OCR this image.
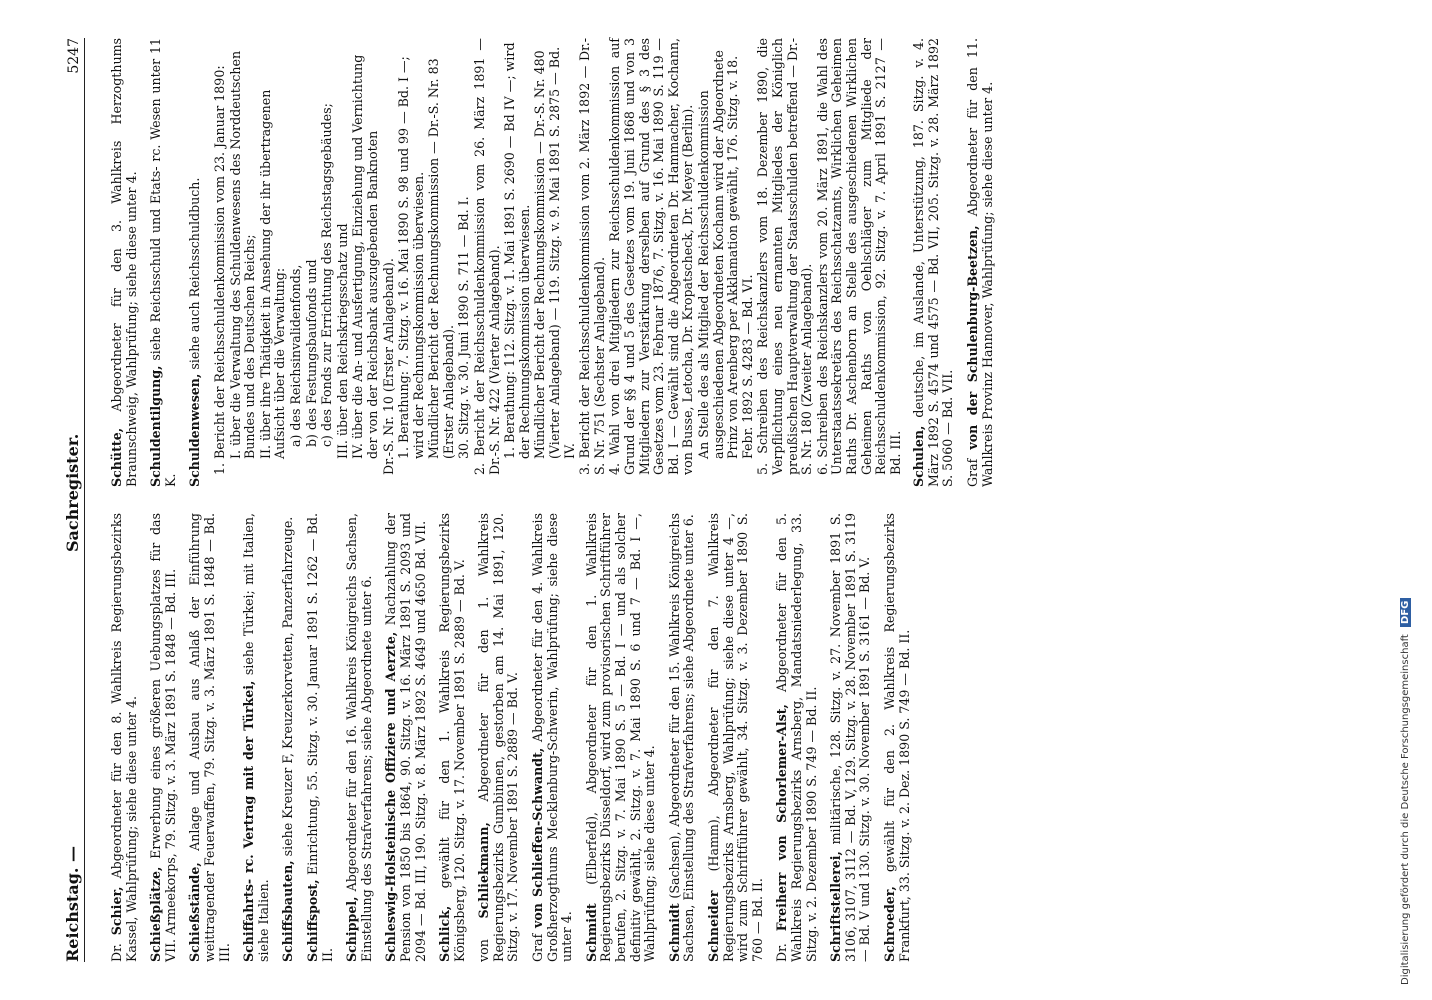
Reichstag. —
Sachregister.
5247

Dr. Schier, Abgeordneter für den 8. Wahlkreis Regierungsbezirks Kassel, Wahlprüfung; siehe diese unter 4. Schießplätze, Erwerbung eines größeren Uebungsplatzes für das VII. Armeekorps, 79. Sitzg. v. 3. März 1891 S. 1848 — Bd. III. Schießstände, Anlage und Ausbau aus Anlaß der Einführung weittragender Feuerwaffen, 79. Sitzg. v. 3. März 1891 S. 1848 — Bd. III. Schiffahrts- rc. Vertrag mit der Türkei, siehe Türkei; mit Italien, siehe Italien. Schiffsbauten, siehe Kreuzer F, Kreuzerkorvetten, Panzerfahrzeuge.

Schiffspost, Einrichtung, 55. Sitzg. v. 30. Januar 1891 S. 1262 — Bd. II. Schippel, Abgeordneter für den 16. Wahlkreis Königreichs Sachsen, Einstellung des Strafverfahrens; siehe Abgeordnete unter 6. Schleswig-Holsteinische Offiziere und Aerzte, Nachzahlung der Pension von 1850 bis 1864, 90. Sitzg. v. 16. März 1891 S. 2093 und 2094 — Bd. III, 190. Sitzg. v. 8. März 1892 S. 4649 und 4650 Bd. VII. Schlick, gewählt für den 1. Wahlkreis Regierungsbezirks Königsberg, 120. Sitzg. v. 17. November 1891 S. 2889 — Bd. V. von Schliekmann, Abgeordneter für den 1. Wahlkreis Regierungsbezirks Gumbinnen, gestorben am 14. Mai 1891, 120. Sitzg. v. 17. November 1891 S. 2889 — Bd. V. Graf von Schlieffen-Schwandt, Abgeordneter für den 4. Wahlkreis Großherzogthums Mecklenburg-Schwerin, Wahlprüfung; siehe diese unter 4. Schmidt (Elberfeld), Abgeordneter für den 1. Wahlkreis Regierungsbezirks Düsseldorf, wird zum provisorischen Schriftführer berufen, 2. Sitzg. v. 7. Mai 1890 S. 5 — Bd. I — und als solcher definitiv gewählt, 2. Sitzg. v. 7. Mai 1890 S. 6 und 7 — Bd. I —, Wahlprüfung; siehe diese unter 4. Schmidt (Sachsen), Abgeordneter für den 15. Wahlkreis Königreichs Sachsen, Einstellung des Strafverfahrens; siehe Abgeordnete unter 6. Schneider (Hamm), Abgeordneter für den 7. Wahlkreis Regierungsbezirks Arnsberg, Wahlprüfung; siehe diese unter 4 —, wird zum Schriftführer gewählt, 34. Sitzg. v. 3. Dezember 1890 S. 760 — Bd. II. Dr. Freiherr von Schorlemer-Alst, Abgeordneter für den 5. Wahlkreis Regierungsbezirks Arnsberg, Mandatsniederlegung, 33. Sitzg. v. 2. Dezember 1890 S. 749 — Bd. II. Schriftstellerei, militärische, 128. Sitzg. v. 27. November 1891 S. 3106, 3107, 3112 — Bd. V, 129. Sitzg. v. 28. November 1891 S. 3119 — Bd. V und 130. Sitzg. v. 30. November 1891 S. 3161 — Bd. V. Schroeder, gewählt für den 2. Wahlkreis Regierungsbezirks Frankfurt, 33. Sitzg. v. 2. Dez. 1890 S. 749 — Bd. II.

Schütte, Abgeordneter für den 3. Wahlkreis Herzogthums Braunschweig, Wahlprüfung; siehe diese unter 4. Schuldentilgung, siehe Reichsschuld und Etats- rc. Wesen unter 11 K. Schuldenwesen, siehe auch Reichsschuldbuch. 1. Bericht der Reichsschuldenkommission vom 23. Januar 1890: I. über die Verwaltung des Schuldenwesens des Norddeutschen Bundes und des Deutschen Reichs; II. über ihre Thätigkeit in Ansehung der ihr übertragenen Aufsicht über die Verwaltung: a) des Reichsinvalidenfonds, b) des Festungsbaufonds und c) des Fonds zur Errichtung des Reichstagsgebäudes; III. über den Reichskriegsschatz und IV. über die An- und Ausfertigung, Einziehung und Vernichtung der von der Reichsbank auszugebenden Banknoten Dr.-S. Nr. 10 (Erster Anlageband). 1. Berathung: 7. Sitzg. v. 16. Mai 1890 S. 98 und 99 — Bd. I —; wird der Rechnungskommission überwiesen. Mündlicher Bericht der Rechnungskommission — Dr.-S. Nr. 83 (Erster Anlageband). 30. Sitzg. v. 30. Juni 1890 S. 711 — Bd. I. 2. Bericht der Reichsschuldenkommission vom 26. März 1891 — Dr.-S. Nr. 422 (Vierter Anlageband). 1. Berathung: 112. Sitzg. v. 1. Mai 1891 S. 2690 — Bd IV —; wird der Rechnungskommission überwiesen. Mündlicher Bericht der Rechnungskommission — Dr.-S. Nr. 480 (Vierter Anlageband) — 119. Sitzg. v. 9. Mai 1891 S. 2875 — Bd. IV. 3. Bericht der Reichsschuldenkommission vom 2. März 1892 — Dr.-S. Nr. 751 (Sechster Anlageband). 4. Wahl von drei Mitgliedern zur Reichsschuldenkommission auf Grund der §§ 4 und 5 des Gesetzes vom 19. Juni 1868 und von 3 Mitgliedern zur Verstärkung derselben auf Grund des § 3 des Gesetzes vom 23. Februar 1876, 7. Sitzg. v. 16. Mai 1890 S. 119 — Bd. I — Gewählt sind die Abgeordneten Dr. Hammacher, Kochann, von Busse, Letocha, Dr. Kropatscheck, Dr. Meyer (Berlin). An Stelle des als Mitglied der Reichsschuldenkommission ausgeschiedenen Abgeordneten Kochann wird der Abgeordnete Prinz von Arenberg per Akklamation gewählt, 176. Sitzg. v. 18. Febr. 1892 S. 4283 — Bd. VI. 5. Schreiben des Reichskanzlers vom 18. Dezember 1890, die Verpflichtung eines neu ernannten Mitgliedes der Königlich preußischen Hauptverwaltung der Staatsschulden betreffend — Dr.-S. Nr. 180 (Zweiter Anlageband). 6. Schreiben des Reichskanzlers vom 20. März 1891, die Wahl des Unterstaatssekretärs des Reichsschatzamts, Wirklichen Geheimen Raths Dr. Aschenborn an Stelle des ausgeschiedenen Wirklichen Geheimen Raths von Oehlschläger zum Mitgliede der Reichsschuldenkommission, 92. Sitzg. v. 7. April 1891 S. 2127 — Bd. III. Schulen, deutsche, im Auslande, Unterstützung, 187. Sitzg. v. 4. März 1892 S. 4574 und 4575 — Bd. VII, 205. Sitzg. v. 28. März 1892 S. 5060 — Bd. VII. Graf von der Schulenburg-Beetzen, Abgeordneter für den 11. Wahlkreis Provinz Hannover, Wahlprüfung; siehe diese unter 4.

Digitalisierung gefördert durch die Deutsche Forschungsgemeinschaft DFG
